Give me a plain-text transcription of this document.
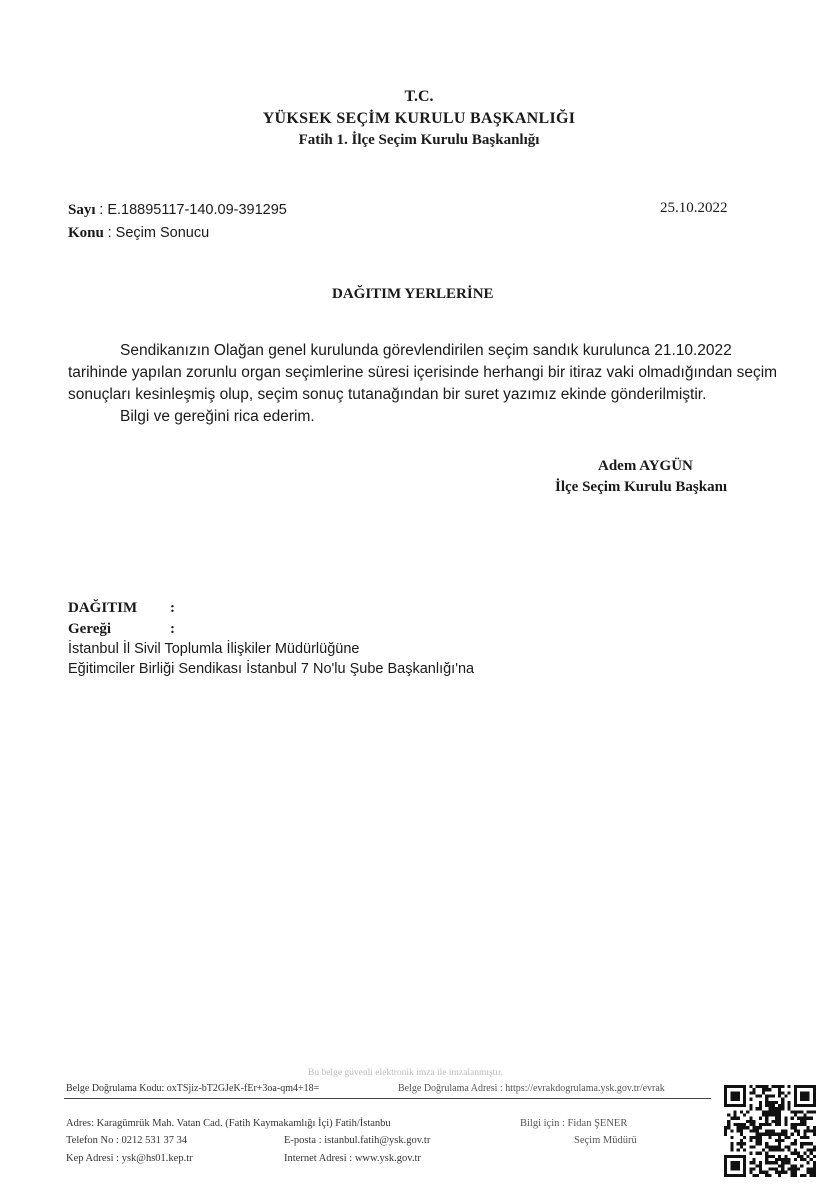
T.C.
YÜKSEK SEÇİM KURULU BAŞKANLIĞI
Fatih 1. İlçe Seçim Kurulu Başkanlığı
Sayı : E.18895117-140.09-391295	25.10.2022
Konu : Seçim Sonucu
DAĞITIM YERLERİNE
Sendikanızın Olağan genel kurulunda görevlendirilen seçim sandık kurulunca 21.10.2022
tarihinde yapılan zorunlu organ seçimlerine süresi içerisinde herhangi bir itiraz vaki olmadığından seçim
sonuçları kesinleşmiş olup, seçim sonuç tutanağından bir suret yazımız ekinde gönderilmiştir.
Bilgi ve gereğini rica ederim.
Adem AYGÜN
İlçe Seçim Kurulu Başkanı
DAĞITIM :
Gereği	:
İstanbul İl Sivil Toplumla İlişkiler Müdürlüğüne
Eğitimciler Birliği Sendikası İstanbul 7 No'lu Şube Başkanlığı'na
Bu belge güvenli elektronik imza ile imzalanmıştır.
Belge Doğrulama Kodu: oxTSjiz-bT2GJeK-fEr+3oa-qm4+18=	Belge Doğrulama Adresi : https://evrakdogrulama.ysk.gov.tr/evrak
Adres: Karagümrük Mah. Vatan Cad. (Fatih Kaymakamlığı İçi) Fatih/İstanbu
Telefon No : 0212 531 37 34
Kep Adresi : ysk@hs01.kep.tr
E-posta : istanbul.fatih@ysk.gov.tr
Internet Adresi : www.ysk.gov.tr
Bilgi için : Fidan ŞENER
Seçim Müdürü
